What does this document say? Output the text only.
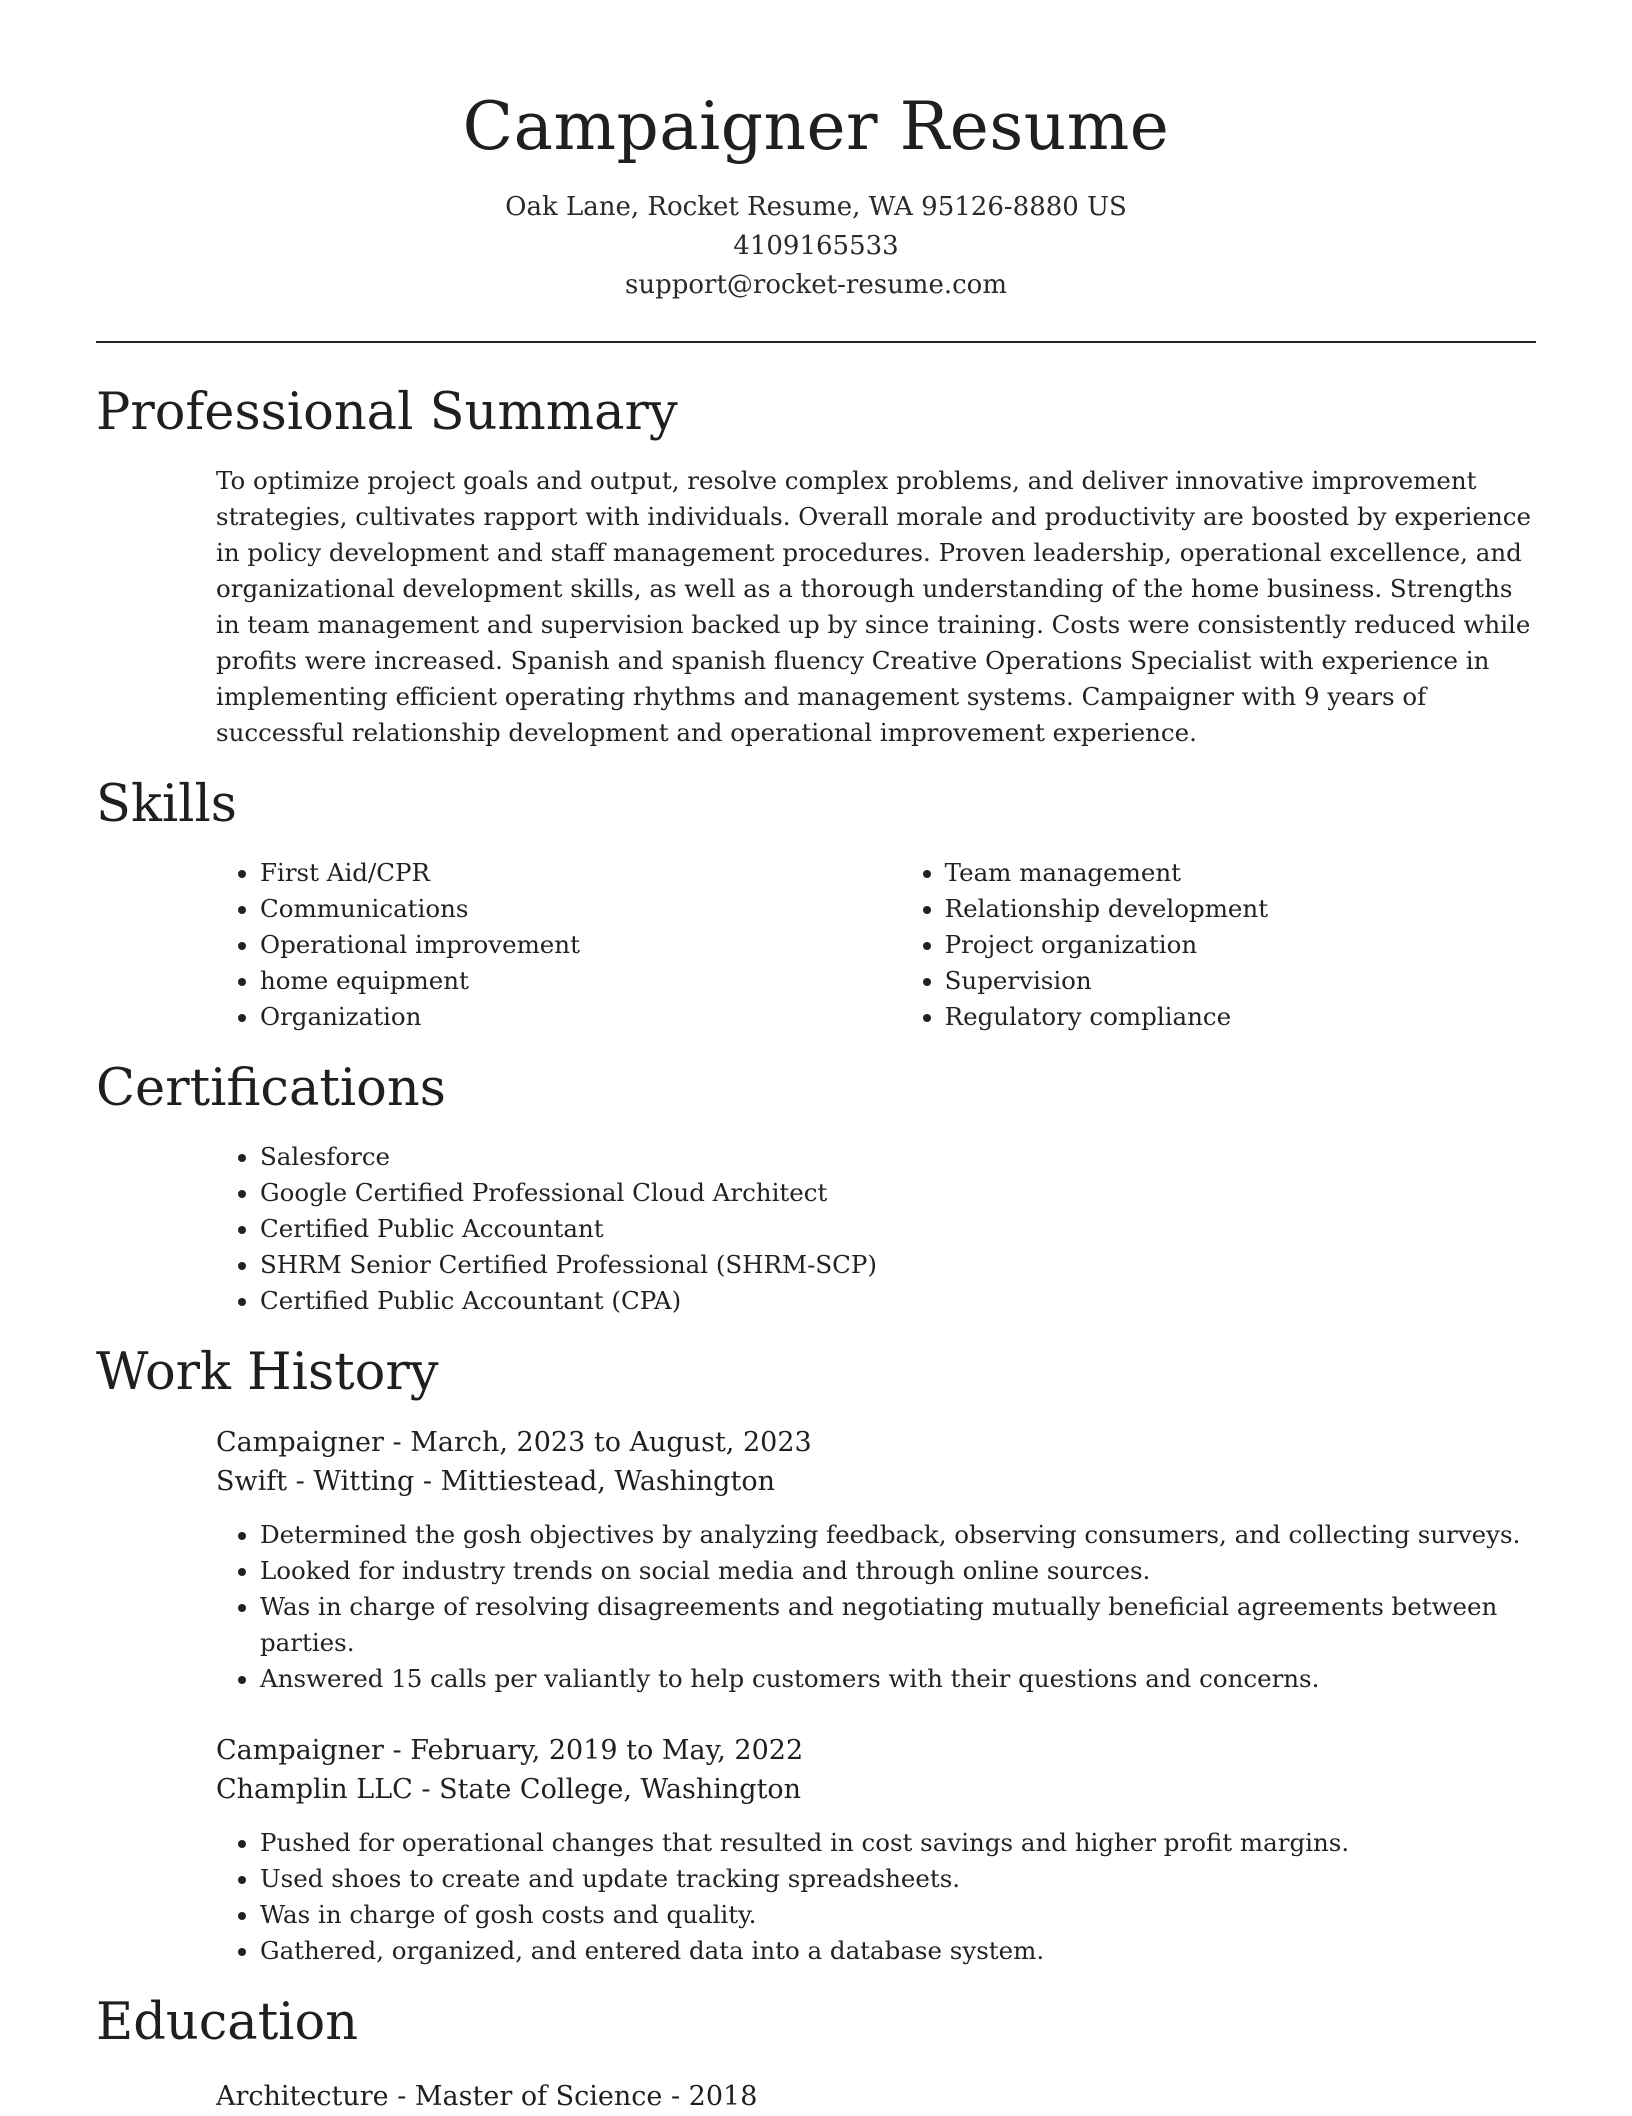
Campaigner Resume
Oak Lane, Rocket Resume, WA 95126-8880 US
4109165533
support@rocket-resume.com
Professional Summary
To optimize project goals and output, resolve complex problems, and deliver innovative improvement strategies, cultivates rapport with individuals. Overall morale and productivity are boosted by experience in policy development and staff management procedures. Proven leadership, operational excellence, and organizational development skills, as well as a thorough understanding of the home business. Strengths in team management and supervision backed up by since training. Costs were consistently reduced while profits were increased. Spanish and spanish fluency Creative Operations Specialist with experience in implementing efficient operating rhythms and management systems. Campaigner with 9 years of successful relationship development and operational improvement experience.
Skills
• First Aid/CPR
• Communications
• Operational improvement
• home equipment
• Organization
• Team management
• Relationship development
• Project organization
• Supervision
• Regulatory compliance
Certifications
• Salesforce
• Google Certified Professional Cloud Architect
• Certified Public Accountant
• SHRM Senior Certified Professional (SHRM-SCP)
• Certified Public Accountant (CPA)
Work History
Campaigner - March, 2023 to August, 2023
Swift - Witting - Mittiestead, Washington
• Determined the gosh objectives by analyzing feedback, observing consumers, and collecting surveys.
• Looked for industry trends on social media and through online sources.
• Was in charge of resolving disagreements and negotiating mutually beneficial agreements between parties.
• Answered 15 calls per valiantly to help customers with their questions and concerns.
Campaigner - February, 2019 to May, 2022
Champlin LLC - State College, Washington
• Pushed for operational changes that resulted in cost savings and higher profit margins.
• Used shoes to create and update tracking spreadsheets.
• Was in charge of gosh costs and quality.
• Gathered, organized, and entered data into a database system.
Education
Architecture - Master of Science - 2018
